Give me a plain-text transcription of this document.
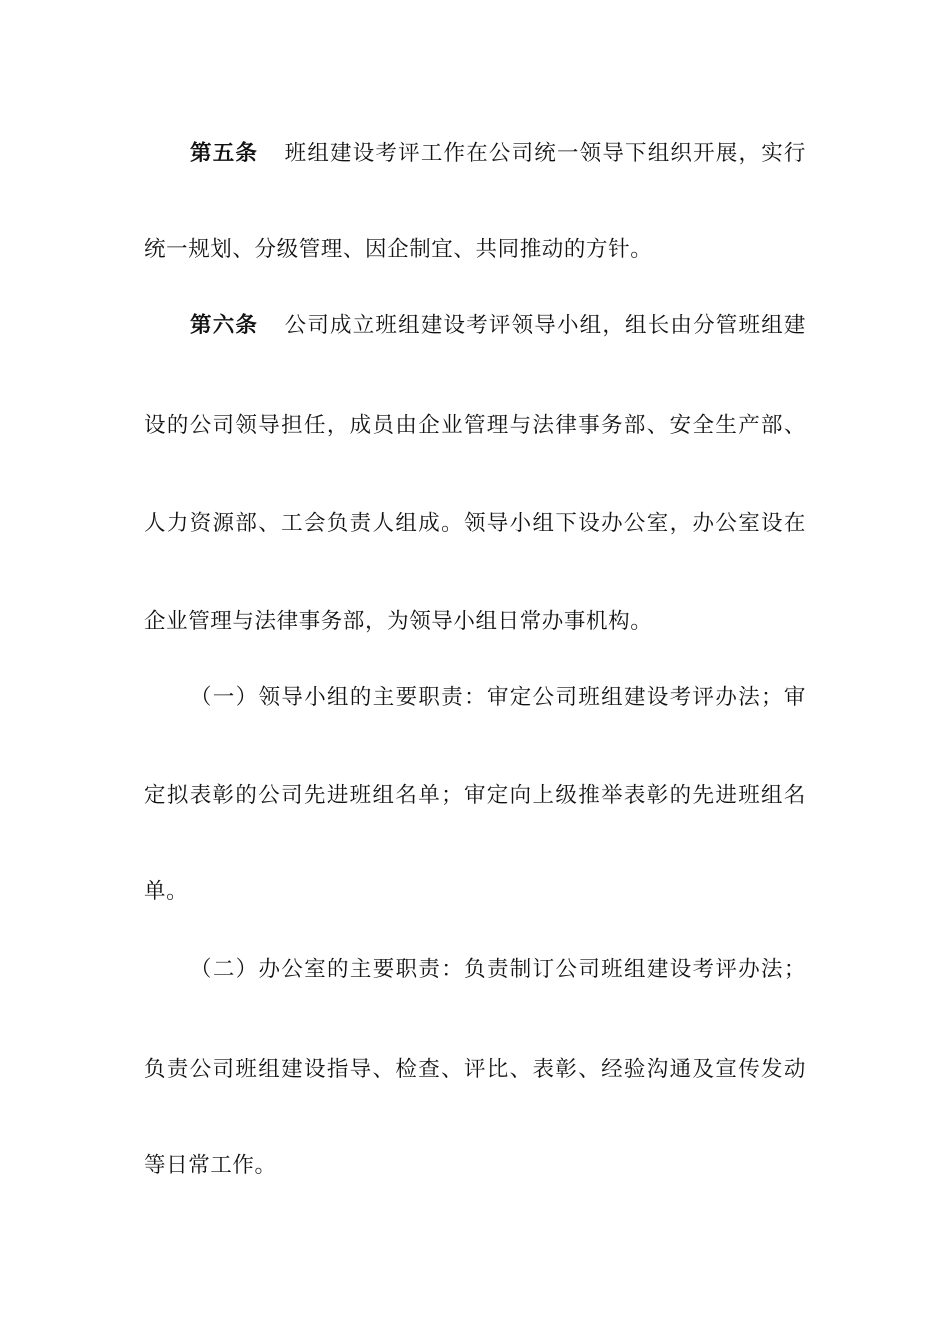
第五条 班组建设考评工作在公司统一领导下组织开展，实行
统一规划、分级管理、因企制宜、共同推动的方针。
第六条 公司成立班组建设考评领导小组，组长由分管班组建
设的公司领导担任，成员由企业管理与法律事务部、安全生产部、
人力资源部、工会负责人组成。领导小组下设办公室，办公室设在
企业管理与法律事务部，为领导小组日常办事机构。
（一）领导小组的主要职责：审定公司班组建设考评办法；审
定拟表彰的公司先进班组名单；审定向上级推举表彰的先进班组名
单。
（二）办公室的主要职责：负责制订公司班组建设考评办法；
负责公司班组建设指导、检查、评比、表彰、经验沟通及宣传发动
等日常工作。
